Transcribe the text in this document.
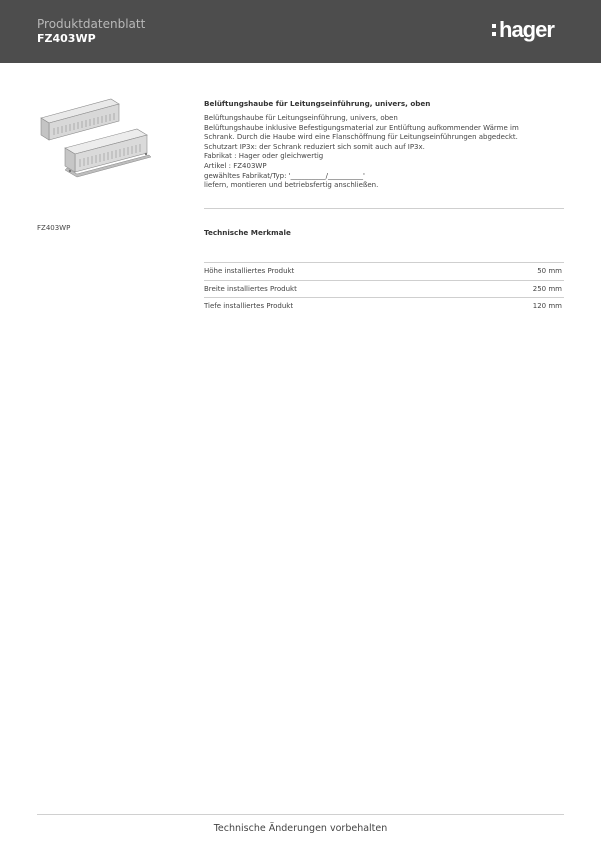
Produktdatenblatt
FZ403WP	hager
FZ403WP
Belüftungshaube für Leitungseinführung, univers, oben
Belüftungshaube für Leitungseinführung, univers, oben
Belüftungshaube inklusive Befestigungsmaterial zur Entlüftung aufkommender Wärme im
Schrank. Durch die Haube wird eine Flanschöffnung für Leitungseinführungen abgedeckt.
Schutzart IP3x: der Schrank reduziert sich somit auch auf IP3x.
Fabrikat : Hager oder gleichwertig
Artikel : FZ403WP
gewähltes Fabrikat/Typ: '__________/__________'
liefern, montieren und betriebsfertig anschließen.
Technische Merkmale
Höhe installiertes Produkt	50 mm
Breite installiertes Produkt	250 mm
Tiefe installiertes Produkt	120 mm
Technische Änderungen vorbehalten
